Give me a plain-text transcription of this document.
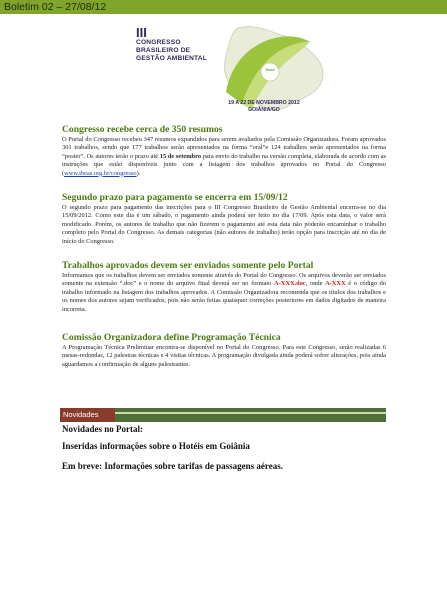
Boletim 02 – 27/08/12
Brasil
III
CONGRESSO
BRASILEIRO DE
GESTÃO AMBIENTAL
19 A 22 DE NOVEMBRO 2012
GOIÂNIA/GO
Congresso recebe cerca de 350 resumos

O Portal do Congresso recebeu 347 resumos expandidos para serem avaliados pela Comissão Organizadora. Foram aprovados 301 trabalhos, sendo que 177 trabalhos serão apresentados na forma “oral”e 124 trabalhos serão apresentados na forma “poster”. Os autores terão o prazo até 15 de setembro para envio do trabalho na versão completa, elaborada de acordo com as instruções que estão disponíveis junto com a listagem dos trabalhos aprovados no Portal do Congresso (www.ibeas.org.br/congresso).

Segundo prazo para pagamento se encerra em 15/09/12

O segundo prazo para pagamento das inscrições para o III Congresso Brasileiro de Gestão Ambiental encerra-se no dia 15/09/2012. Como este dia é um sábado, o pagamento ainda poderá ser feito no dia 17/09. Após esta data, o valor será modificado. Porém, os autores de trabalho que não fizerem o pagamento até esta data não poderão encaminhar o trabalho completo pelo Portal do Congresso. As demais categorias (não autores de trabalho) terão opção para inscrição até no dia de início do Congresso.

Trabalhos aprovados devem ser enviados somente pelo Portal

Informamos que os trabalhos devem ser enviados somente através do Portal do Congresso. Os arquivos deverão ser enviados somente na extensão “.doc” e o nome do arquivo final deverá ser no formato A-XXX.doc, onde A-XXX é o código do trabalho informado na listagem dos trabalhos aprovados. A Comissão Organizadora recomenda que os títulos dos trabalhos e os nomes dos autores sejam verificados, pois não serão feitas quaisquer correções posteriores em dados digitados de maneira incorreta.

Comissão Organizadora define Programação Técnica

A Programação Técnica Preliminar encontra-se disponível no Portal do Congresso. Para este Congresso, serão realizadas 6 mesas-redondas, 12 palestras técnicas e 4 visitas técnicas. A programação divulgada ainda poderá sofrer alterações, pois ainda aguardamos a confirmação de alguns palestrantes.

Novidades
Novidades no Portal:
Inseridas informações sobre o Hotéis em Goiânia
Em breve: Informações sobre tarifas de passagens aéreas.
